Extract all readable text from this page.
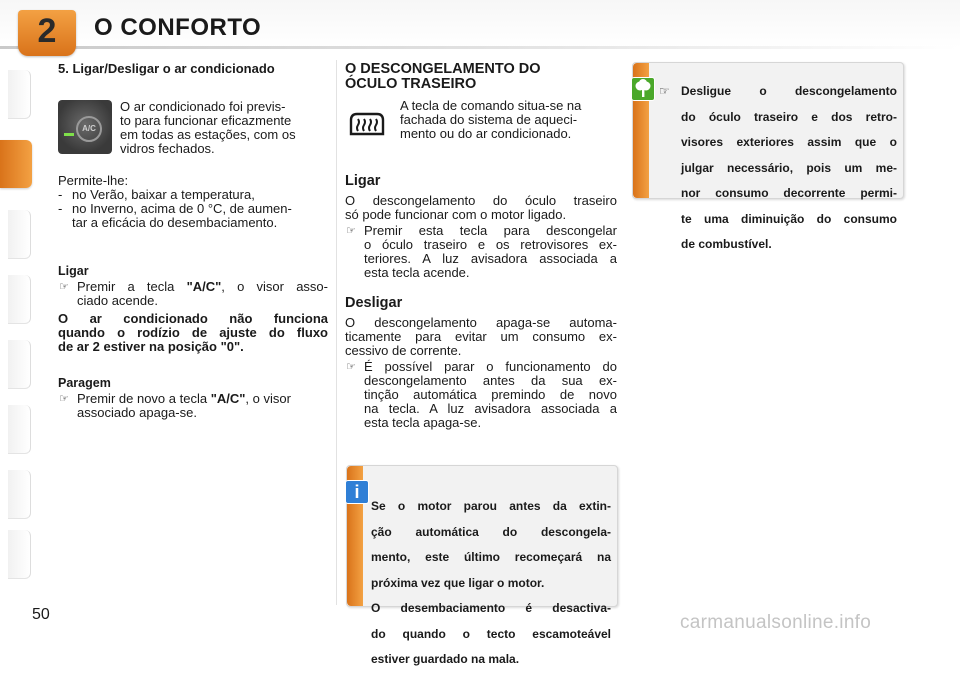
2	O CONFORTO

5. Ligar/Desligar o ar condicionado

A/C

O ar condicionado foi previs-

to para funcionar eficazmente

em todas as estações, com os

vidros fechados.

Permite-lhe:

- no Verão, baixar a temperatura,

- no Inverno, acima de 0 °C, de aumen-

tar a eficácia do desembaciamento.

Ligar

☞ Premir a tecla "A/C", o visor asso-

ciado acende.

O ar condicionado não funciona

quando o rodízio de ajuste do fluxo

de ar 2 estiver na posição "0".

Paragem

☞ Premir de novo a tecla "A/C", o visor

associado apaga-se.

O DESCONGELAMENTO DO

ÓCULO TRASEIRO

A tecla de comando situa-se na

fachada do sistema de aqueci-

mento ou do ar condicionado.

Ligar

O descongelamento do óculo traseiro

só pode funcionar com o motor ligado.

☞ Premir esta tecla para descongelar

o óculo traseiro e os retrovisores ex-

teriores. A luz avisadora associada a

esta tecla acende.

Desligar

O descongelamento apaga-se automa-

ticamente para evitar um consumo ex-

cessivo de corrente.

☞ É possível parar o funcionamento do

descongelamento antes da sua ex-

tinção automática premindo de novo

na tecla. A luz avisadora associada a

esta tecla apaga-se.

☞ Desligue o descongelamento

do óculo traseiro e dos retro-

visores exteriores assim que o

julgar necessário, pois um me-

nor consumo decorrente permi-

te uma diminuição do consumo

de combustível.

i

Se o motor parou antes da extin-

ção automática do descongela-

mento, este último recomeçará na

próxima vez que ligar o motor.

O desembaciamento é desactiva-

do quando o tecto escamoteável

estiver guardado na mala.

50	carmanualsonline.info
